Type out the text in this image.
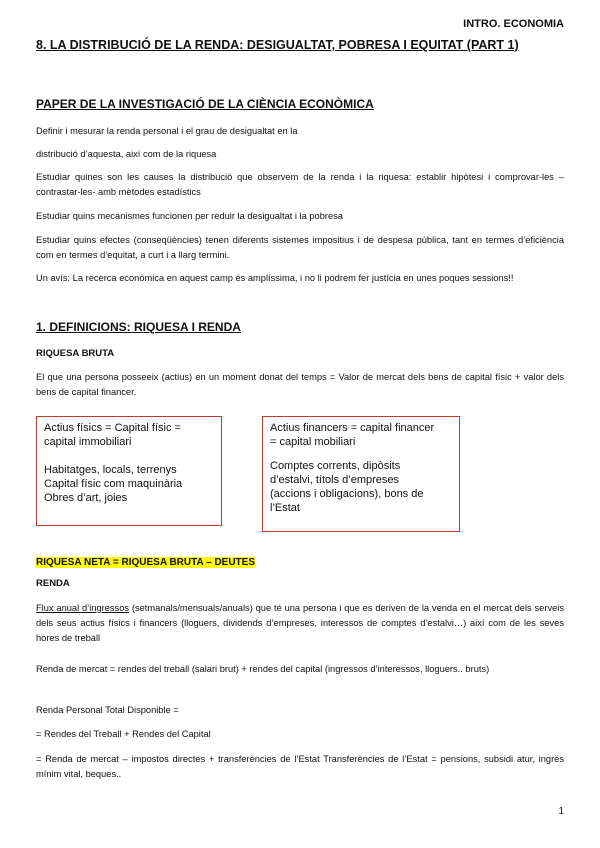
INTRO. ECONOMIA
8. LA DISTRIBUCIÓ DE LA RENDA: DESIGUALTAT, POBRESA I EQUITAT (PART 1)
PAPER DE LA INVESTIGACIÓ DE LA CIÈNCIA ECONÒMICA
Definir i mesurar la renda personal i el grau de desigualtat en la
distribució d’aquesta, així com de la riquesa
Estudiar quines son les causes la distribució que observem de la renda i la riquesa: establir hipòtesi i comprovar-les – contrastar-les- amb mètodes estadístics
Estudiar quins mecanismes funcionen per reduir la desigualtat i la pobresa
Estudiar quins efectes (conseqüències) tenen diferents sistemes impositius i de despesa pública, tant en termes d’eficiència com en termes d’equitat, a curt i a llarg termini.
Un avís: La recerca econòmica en aquest camp és amplíssima, i no li podrem fer justícia en unes poques sessions!!
1. DEFINICIONS: RIQUESA I RENDA
RIQUESA BRUTA
El que una persona posseeix (actius) en un moment donat del temps = Valor de mercat dels bens de capital físic + valor dels bens de capital financer.
Actius físics = Capital físic =
capital immobiliari
Habitatges, locals, terrenys
Capital físic com maquinària
Obres d’art, joies
Actius financers = capital financer
= capital mobiliari
Comptes corrents, dipòsits
d’estalvi, títols d’empreses
(accions i obligacions), bons de
l’Estat
RIQUESA NETA = RIQUESA BRUTA – DEUTES
RENDA
Flux anual d’ingressos (setmanals/mensuals/anuals) que té una persona i que es deriven de la venda en el mercat dels serveis dels seus actius físics i financers (lloguers, dividends d’empreses, interessos de comptes d’estalvi…) així com de les seves hores de treball
Renda de mercat = rendes del treball (salari brut) + rendes del capital (ingressos d’interessos, lloguers.. bruts)
Renda Personal Total Disponible =
= Rendes del Treball + Rendes del Capital
= Renda de mercat – impostos directes + transferències de l’Estat Transferències de l’Estat = pensions, subsidi atur, ingrés mínim vital, beques..
1
